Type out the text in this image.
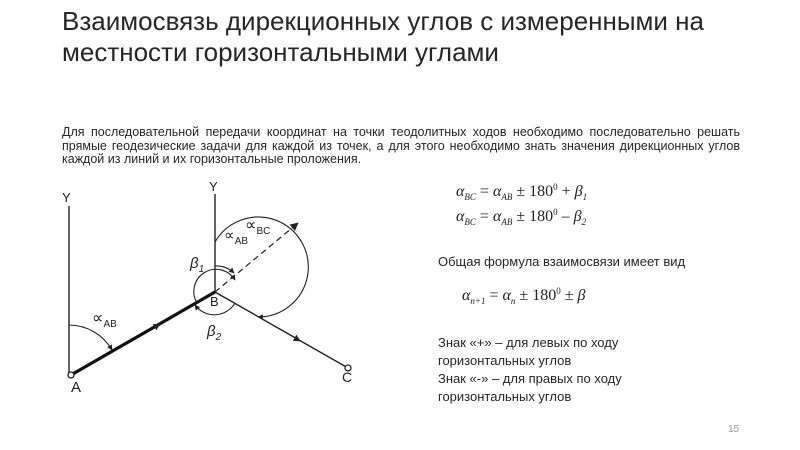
Взаимосвязь дирекционных углов с измеренными на местности горизонтальными углами
Для последовательной передачи координат на точки теодолитных ходов необходимо последовательно решать прямые геодезические задачи для каждой из точек, а для этого необходимо знать значения дирекционных углов каждой из линий и их горизонтальные проложения.
Y
Y
A
B
C
$\propto_{AB}$
$\propto_{AB}$
$\propto_{BC}$
$\beta_1$
$\beta_2$
$\alpha_{BC} = \alpha_{AB} \pm 180^0 + \beta_1$
$\alpha_{BC} = \alpha_{AB} \pm 180^0 - \beta_2$
Общая формула взаимосвязи имеет вид
$\alpha_{n+1} = \alpha_n \pm 180^0 \pm \beta$
Знак «+» – для левых по ходу горизонтальных углов
Знак «-» – для правых по ходу горизонтальных углов
15
